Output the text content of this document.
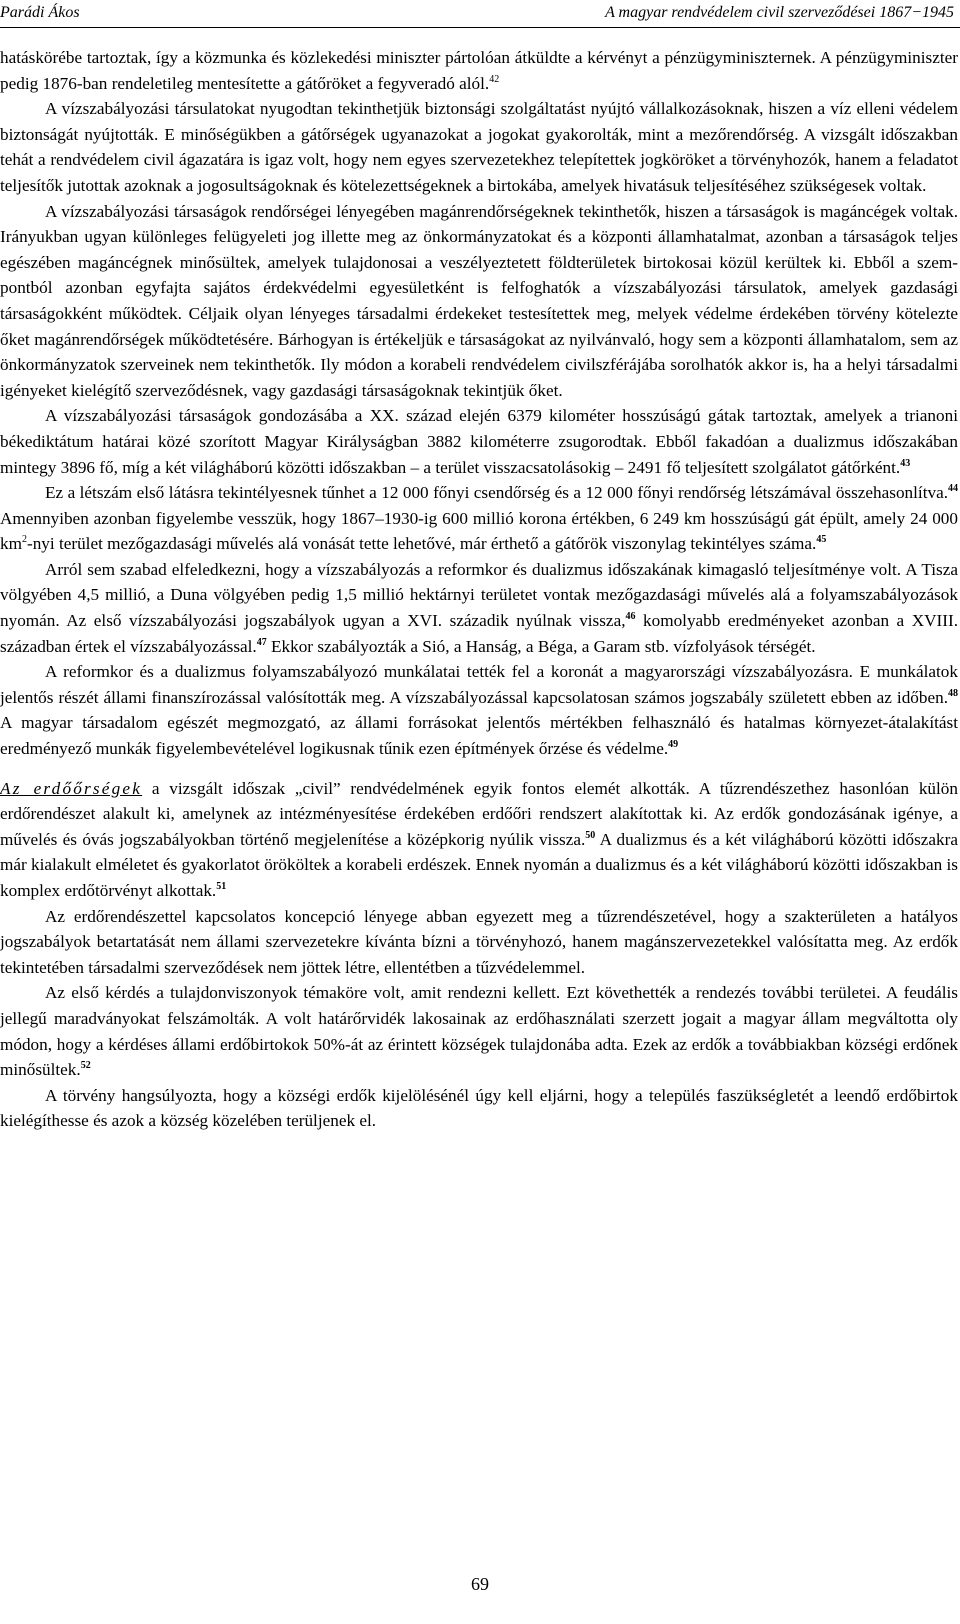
Parádi Ákos	A magyar rendvédelem civil szerveződései 1867−1945

hatáskörébe tartoztak, így a közmunka és közlekedési miniszter pártolóan átküldte a kérvényt a pénzügyminiszternek. A pénzügyminiszter pedig 1876-ban rendeletileg mentesítette a gátőröket a fegyveradó alól.$^{42}$

A vízszabályozási társulatokat nyugodtan tekinthetjük biztonsági szolgáltatást nyújtó vállalkozásoknak, hiszen a víz elleni védelem biztonságát nyújtották. E minőségükben a gátőrségek ugyanazokat a jogokat gyakorolták, mint a mezőrendőrség. A vizsgált időszakban tehát a rendvédelem civil ágazatára is igaz volt, hogy nem egyes szervezetekhez telepítettek jogköröket a törvényhozók, hanem a feladatot teljesítők jutottak azoknak a jogosultságoknak és kötelezettségeknek a birtokába, amelyek hivatásuk teljesítéséhez szükségesek voltak.

A vízszabályozási társaságok rendőrségei lényegében magánrendőrségeknek tekinthetők, hiszen a társaságok is magáncégek voltak. Irányukban ugyan különleges felügyeleti jog illette meg az önkormányzatokat és a központi államhatalmat, azonban a társaságok teljes egészében magáncégnek minősültek, amelyek tulajdonosai a veszélyeztetett földterületek birtokosai közül kerültek ki. Ebből a szempontból azonban egyfajta sajátos érdekvédelmi egyesületként is felfoghatók a vízszabályozási társulatok, amelyek gazdasági társaságokként működtek. Céljaik olyan lényeges társadalmi érdekeket testesítettek meg, melyek védelme érdekében törvény kötelezte őket magánrendőrségek működtetésére. Bárhogyan is értékeljük e társaságokat az nyilvánvaló, hogy sem a központi államhatalom, sem az önkormányzatok szerveinek nem tekinthetők. Ily módon a korabeli rendvédelem civilszférájába sorolhatók akkor is, ha a helyi társadalmi igényeket kielégítő szerveződésnek, vagy gazdasági társaságoknak tekintjük őket.

A vízszabályozási társaságok gondozásába a XX. század elején 6379 kilométer hosszúságú gátak tartoztak, amelyek a trianoni békediktátum határai közé szorított Magyar Királyságban 3882 kilométerre zsugorodtak. Ebből fakadóan a dualizmus időszakában mintegy 3896 fő, míg a két világháború közötti időszakban – a terület visszacsatolásokig – 2491 fő teljesített szolgálatot gátőrként.$^{43}$

Ez a létszám első látásra tekintélyesnek tűnhet a 12 000 főnyi csendőrség és a 12 000 főnyi rendőrség létszámával összehasonlítva.$^{44}$ Amennyiben azonban figyelembe vesszük, hogy 1867–1930-ig 600 millió korona értékben, 6 249 km hosszúságú gát épült, amely 24 000 $km^2$-nyi terület mezőgazdasági művelés alá vonását tette lehetővé, már érthető a gátőrök viszonylag tekintélyes száma.$^{45}$

Arról sem szabad elfeledkezni, hogy a vízszabályozás a reformkor és dualizmus időszakának kimagasló teljesítménye volt. A Tisza völgyében 4,5 millió, a Duna völgyében pedig 1,5 millió hektárnyi területet vontak mezőgazdasági művelés alá a folyamszabályozások nyomán. Az első vízszabályozási jogszabályok ugyan a XVI. századik nyúlnak vissza,$^{46}$ komolyabb eredményeket azonban a XVIII. században értek el vízszabályozással.$^{47}$ Ekkor szabályozták a Sió, a Hanság, a Béga, a Garam stb. vízfolyások térségét.

A reformkor és a dualizmus folyamszabályozó munkálatai tették fel a koronát a magyarországi vízszabályozásra. E munkálatok jelentős részét állami finanszírozással valósították meg. A vízszabályozással kapcsolatosan számos jogszabály született ebben az időben.$^{48}$ A magyar társadalom egészét megmozgató, az állami forrásokat jelentős mértékben felhasználó és hatalmas környezet-átalakítást eredményező munkák figyelembevételével logikusnak tűnik ezen építmények őrzése és védelme.$^{49}$

Az erdőőrségek a vizsgált időszak „civil” rendvédelmének egyik fontos elemét alkották. A tűzrendészethez hasonlóan külön erdőrendészet alakult ki, amelynek az intézményesítése érdekében erdőőri rendszert alakítottak ki. Az erdők gondozásának igénye, a művelés és óvás jogszabályokban történő megjelenítése a középkorig nyúlik vissza.$^{50}$ A dualizmus és a két világháború közötti időszakra már kialakult elméletet és gyakorlatot örököltek a korabeli erdészek. Ennek nyomán a dualizmus és a két világháború közötti időszakban is komplex erdőtörvényt alkottak.$^{51}$

Az erdőrendészettel kapcsolatos koncepció lényege abban egyezett meg a tűzrendészetével, hogy a szakterületen a hatályos jogszabályok betartatását nem állami szervezetekre kívánta bízni a törvényhozó, hanem magánszervezetekkel valósítatta meg. Az erdők tekintetében társadalmi szerveződések nem jöttek létre, ellentétben a tűzvédelemmel.

Az első kérdés a tulajdonviszonyok témaköre volt, amit rendezni kellett. Ezt követhették a rendezés további területei. A feudális jellegű maradványokat felszámolták. A volt határőrvidék lakosainak az erdőhasználati szerzett jogait a magyar állam megváltotta oly módon, hogy a kérdéses állami erdőbirtokok 50%-át az érintett községek tulajdonába adta. Ezek az erdők a továbbiakban községi erdőnek minősültek.$^{52}$

A törvény hangsúlyozta, hogy a községi erdők kijelölésénél úgy kell eljárni, hogy a település faszükségletét a leendő erdőbirtok kielégíthesse és azok a község közelében terüljenek el.

69
